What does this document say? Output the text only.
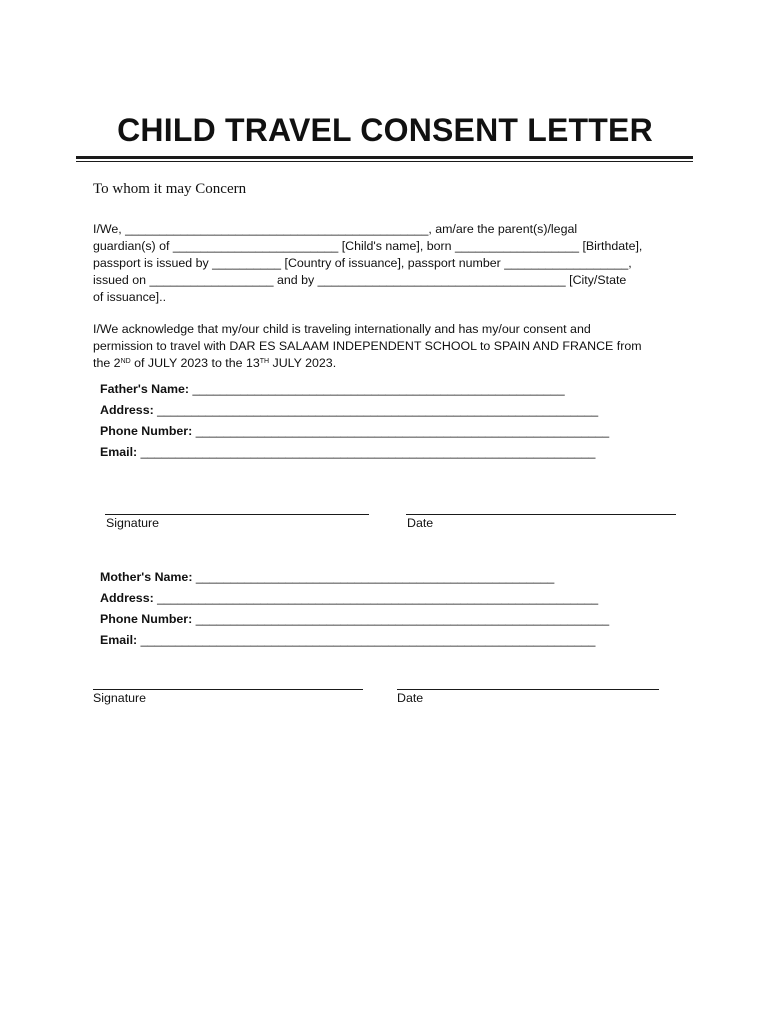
CHILD TRAVEL CONSENT LETTER
To whom it may Concern
I/We, ____________________________________________, am/are the parent(s)/legal
guardian(s) of ________________________ [Child's name], born __________________ [Birthdate],
passport is issued by __________ [Country of issuance], passport number __________________,
issued on __________________ and by ____________________________________ [City/State
of issuance]..
I/We acknowledge that my/our child is traveling internationally and has my/our consent and
permission to travel with DAR ES SALAAM INDEPENDENT SCHOOL to SPAIN AND FRANCE from
the 2ND of JULY 2023 to the 13TH JULY 2023.
Father's Name: ______________________________________________________
Address: ________________________________________________________________
Phone Number: ____________________________________________________________
Email: __________________________________________________________________
Signature	Date
Mother's Name: ____________________________________________________
Address: ________________________________________________________________
Phone Number: ____________________________________________________________
Email: __________________________________________________________________
Signature	Date
